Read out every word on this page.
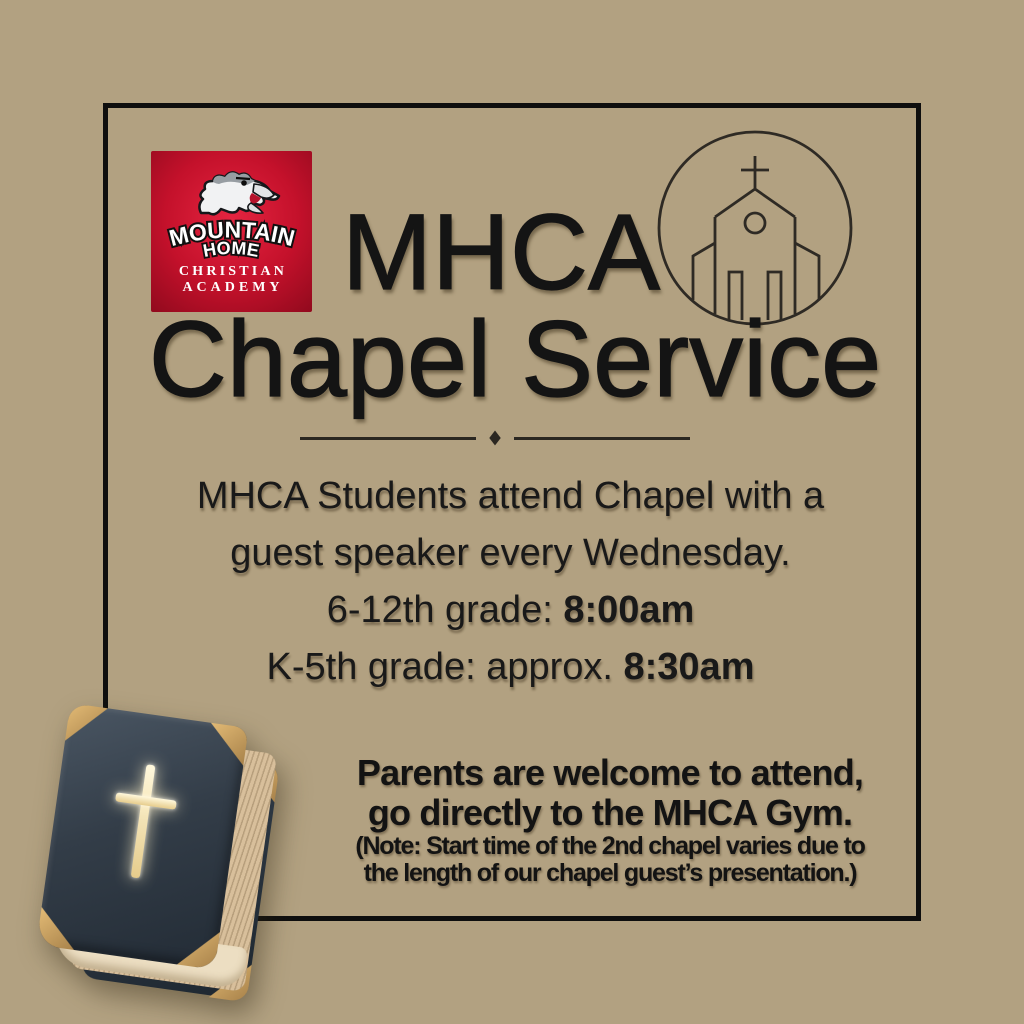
MOUNTAIN
HOME
CHRISTIAN
ACADEMY MHCA
Chapel Service
◆
MHCA Students attend Chapel with a
guest speaker every Wednesday.
6-12th grade: 8:00am
K-5th grade: approx. 8:30am
Parents are welcome to attend,
go directly to the MHCA Gym.
(Note: Start time of the 2nd chapel varies due to
the length of our chapel guest’s presentation.)
